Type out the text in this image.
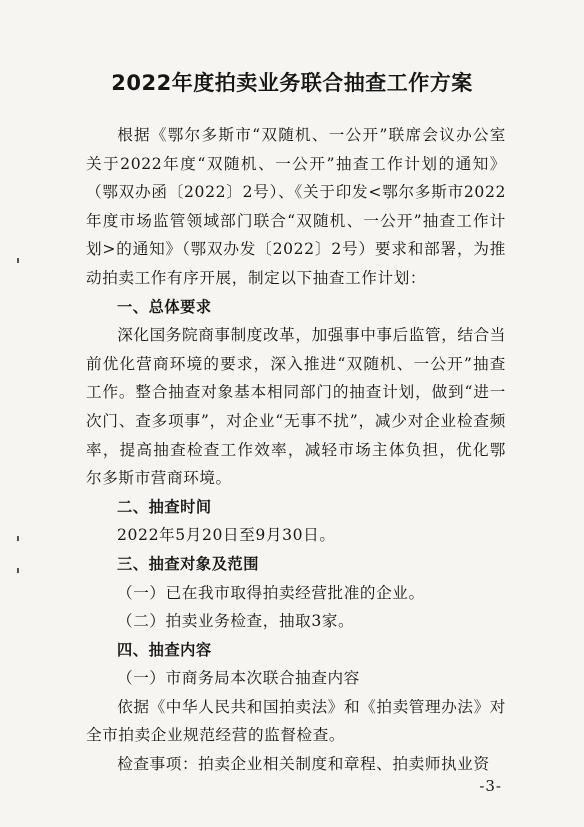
2022年度拍卖业务联合抽查工作方案

根据《鄂尔多斯市“双随机、一公开”联席会议办公室关于2022年度“双随机、一公开”抽查工作计划的通知》（鄂双办函〔2022〕2号）、《关于印发<鄂尔多斯市2022年度市场监管领域部门联合“双随机、一公开”抽查工作计划>的通知》（鄂双办发〔2022〕2号）要求和部署，为推动拍卖工作有序开展，制定以下抽查工作计划：

一、总体要求

深化国务院商事制度改革，加强事中事后监管，结合当前优化营商环境的要求，深入推进“双随机、一公开”抽查工作。整合抽查对象基本相同部门的抽查计划，做到“进一次门、查多项事”，对企业“无事不扰”，减少对企业检查频率，提高抽查检查工作效率，减轻市场主体负担，优化鄂尔多斯市营商环境。

二、抽查时间

2022年5月20日至9月30日。

三、抽查对象及范围

（一）已在我市取得拍卖经营批准的企业。

（二）拍卖业务检查，抽取3家。

四、抽查内容

（一）市商务局本次联合抽查内容

依据《中华人民共和国拍卖法》和《拍卖管理办法》对全市拍卖企业规范经营的监督检查。

检查事项：拍卖企业相关制度和章程、拍卖师执业资

-3-
